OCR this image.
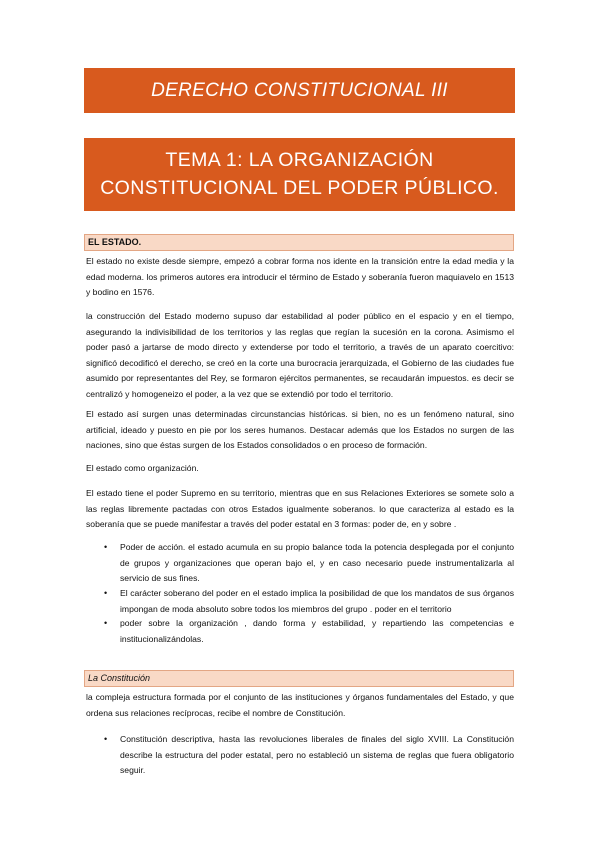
DERECHO CONSTITUCIONAL III
TEMA 1: LA ORGANIZACIÓN
CONSTITUCIONAL DEL PODER PÚBLICO.
EL ESTADO.

El estado no existe desde siempre, empezó a cobrar forma nos idente en la transición entre la edad media y la edad moderna. los primeros autores era introducir el término de Estado y soberanía fueron maquiavelo en 1513 y bodino en 1576.

la construcción del Estado moderno supuso dar estabilidad al poder público en el espacio y en el tiempo, asegurando la indivisibilidad de los territorios y las reglas que regían la sucesión en la corona. Asimismo el poder pasó a jartarse de modo directo y extenderse por todo el territorio, a través de un aparato coercitivo: significó decodificó el derecho, se creó en la corte una burocracia jerarquizada, el Gobierno de las ciudades fue asumido por representantes del Rey, se formaron ejércitos permanentes, se recaudarán impuestos. es decir se centralizó y homogeneizo el poder, a la vez que se extendió por todo el territorio.

El estado así surgen unas determinadas circunstancias históricas. si bien, no es un fenómeno natural, sino artificial, ideado y puesto en pie por los seres humanos. Destacar además que los Estados no surgen de las naciones, sino que éstas surgen de los Estados consolidados o en proceso de formación.

El estado como organización.

El estado tiene el poder Supremo en su territorio, mientras que en sus Relaciones Exteriores se somete solo a las reglas libremente pactadas con otros Estados igualmente soberanos. lo que caracteriza al estado es la soberanía que se puede manifestar a través del poder estatal en 3 formas: poder de, en y sobre .

• Poder de acción. el estado acumula en su propio balance toda la potencia desplegada por el conjunto de grupos y organizaciones que operan bajo el, y en caso necesario puede instrumentalizarla al servicio de sus fines.

• El carácter soberano del poder en el estado implica la posibilidad de que los mandatos de sus órganos impongan de moda absoluto sobre todos los miembros del grupo . poder en el territorio

• poder sobre la organización , dando forma y estabilidad, y repartiendo las competencias e institucionalizándolas.

La Constitución

la compleja estructura formada por el conjunto de las instituciones y órganos fundamentales del Estado, y que ordena sus relaciones recíprocas, recibe el nombre de Constitución.

• Constitución descriptiva, hasta las revoluciones liberales de finales del siglo XVIII. La Constitución describe la estructura del poder estatal, pero no estableció un sistema de reglas que fuera obligatorio seguir.
